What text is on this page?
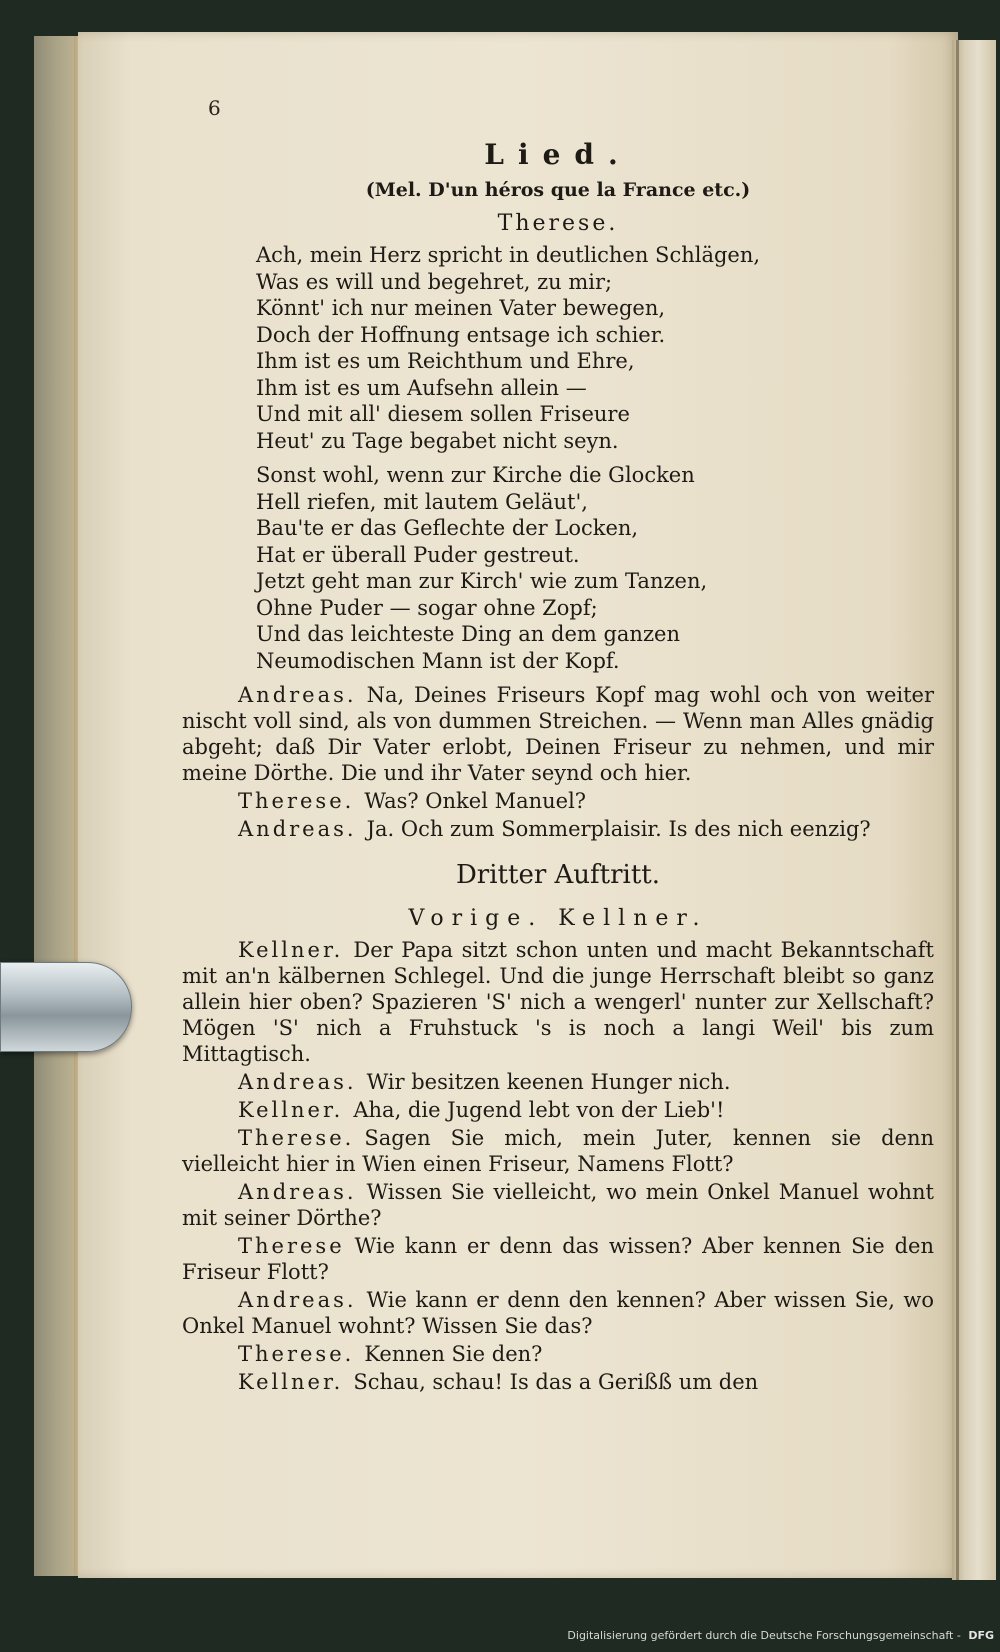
6
Lied.
(Mel. D'un héros que la France etc.)
Therese.
Ach, mein Herz spricht in deutlichen Schlägen,
Was es will und begehret, zu mir;
Könnt' ich nur meinen Vater bewegen,
Doch der Hoffnung entsage ich schier.
Ihm ist es um Reichthum und Ehre,
Ihm ist es um Aufsehn allein —
Und mit all' diesem sollen Friseure
Heut' zu Tage begabet nicht seyn.
Sonst wohl, wenn zur Kirche die Glocken
Hell riefen, mit lautem Geläut',
Bau'te er das Geflechte der Locken,
Hat er überall Puder gestreut.
Jetzt geht man zur Kirch' wie zum Tanzen,
Ohne Puder — sogar ohne Zopf;
Und das leichteste Ding an dem ganzen
Neumodischen Mann ist der Kopf.

Andreas. Na, Deines Friseurs Kopf mag wohl och von weiter nischt voll sind, als von dummen Streichen. — Wenn man Alles gnädig abgeht; daß Dir Vater erlobt, Deinen Friseur zu nehmen, und mir meine Dörthe. Die und ihr Vater seynd och hier.

Therese. Was? Onkel Manuel?

Andreas. Ja. Och zum Sommerplaisir. Is des nich eenzig?

Dritter Auftritt.
Vorige. Kellner.

Kellner. Der Papa sitzt schon unten und macht Bekanntschaft mit an'n kälbernen Schlegel. Und die junge Herrschaft bleibt so ganz allein hier oben? Spazieren 'S' nich a wengerl' nunter zur Xellschaft? Mögen 'S' nich a Fruhstuck 's is noch a langi Weil' bis zum Mittagtisch.

Andreas. Wir besitzen keenen Hunger nich.

Kellner. Aha, die Jugend lebt von der Lieb'!

Therese. Sagen Sie mich, mein Juter, kennen sie denn vielleicht hier in Wien einen Friseur, Namens Flott?

Andreas. Wissen Sie vielleicht, wo mein Onkel Manuel wohnt mit seiner Dörthe?

Therese Wie kann er denn das wissen? Aber kennen Sie den Friseur Flott?

Andreas. Wie kann er denn den kennen? Aber wissen Sie, wo Onkel Manuel wohnt? Wissen Sie das?

Therese. Kennen Sie den?

Kellner. Schau, schau! Is das a Gerißß um den

Digitalisierung gefördert durch die Deutsche Forschungsgemeinschaft - DFG
